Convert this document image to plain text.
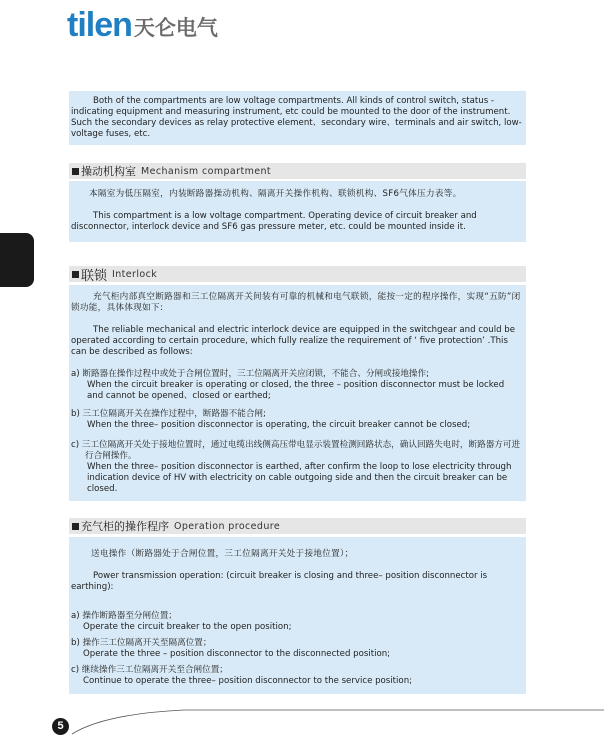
tilen 天仑电气

Both of the compartments are low voltage compartments. All kinds of control switch, status -indicating equipment and measuring instrument, etc could be mounted to the door of the instrument. Such the secondary devices as relay protective element、secondary wire、terminals and air switch, low-voltage fuses, etc.

操动机构室 Mechanism compartment

本隔室为低压隔室，内装断路器操动机构、隔离开关操作机构、联锁机构、SF6气体压力表等。

This compartment is a low voltage compartment. Operating device of circuit breaker and disconnector, interlock device and SF6 gas pressure meter, etc. could be mounted inside it.

联锁 Interlock

充气柜内部真空断路器和三工位隔离开关间装有可靠的机械和电气联锁，能按一定的程序操作，实现“五防”闭锁功能，具体体现如下:

The reliable mechanical and electric interlock device are equipped in the switchgear and could be operated according to certain procedure, which fully realize the requirement of ‘ five protection’ .This can be described as follows:

a) 断路器在操作过程中或处于合闸位置时，三工位隔离开关应闭锁，不能合、分闸或接地操作;

When the circuit breaker is operating or closed, the three – position disconnector must be locked and cannot be opened、closed or earthed;

b) 三工位隔离开关在操作过程中，断路器不能合闸;

When the three– position disconnector is operating, the circuit breaker cannot be closed;

c) 三工位隔离开关处于接地位置时，通过电缆出线侧高压带电显示装置检测回路状态，确认回路失电时，断路器方可进行合闸操作。

When the three– position disconnector is earthed, after confirm the loop to lose electricity through indication device of HV with electricity on cable outgoing side and then the circuit breaker can be closed.

充气柜的操作程序 Operation procedure

送电操作（断路器处于合闸位置，三工位隔离开关处于接地位置）；

Power transmission operation: (circuit breaker is closing and three– position disconnector is earthing):

a) 操作断路器至分闸位置；

Operate the circuit breaker to the open position;

b) 操作三工位隔离开关至隔离位置；

Operate the three – position disconnector to the disconnected position;

c) 继续操作三工位隔离开关至合闸位置；

Continue to operate the three– position disconnector to the service position;

5
